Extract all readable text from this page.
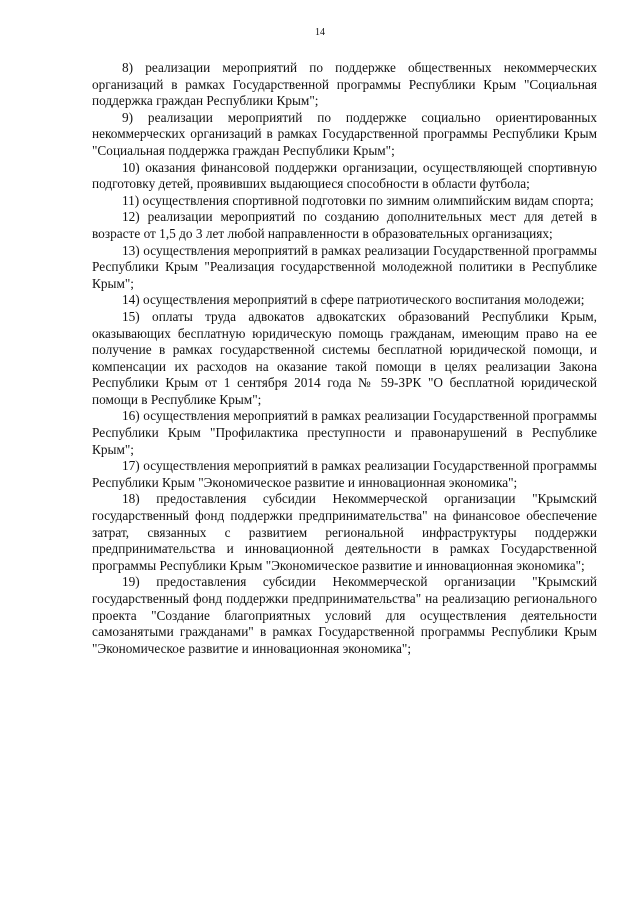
14

8) реализации мероприятий по поддержке общественных некоммерческих организаций в рамках Государственной программы Республики Крым "Социальная поддержка граждан Республики Крым";

9) реализации мероприятий по поддержке социально ориентированных некоммерческих организаций в рамках Государственной программы Республики Крым "Социальная поддержка граждан Республики Крым";

10) оказания финансовой поддержки организации, осуществляющей спортивную подготовку детей, проявивших выдающиеся способности в области футбола;

11) осуществления спортивной подготовки по зимним олимпийским видам спорта;

12) реализации мероприятий по созданию дополнительных мест для детей в возрасте от 1,5 до 3 лет любой направленности в образовательных организациях;

13) осуществления мероприятий в рамках реализации Государственной программы Республики Крым "Реализация государственной молодежной политики в Республике Крым";

14) осуществления мероприятий в сфере патриотического воспитания молодежи;

15) оплаты труда адвокатов адвокатских образований Республики Крым, оказывающих бесплатную юридическую помощь гражданам, имеющим право на ее получение в рамках государственной системы бесплатной юридической помощи, и компенсации их расходов на оказание такой помощи в целях реализации Закона Республики Крым от 1 сентября 2014 года № 59-ЗРК "О бесплатной юридической помощи в Республике Крым";

16) осуществления мероприятий в рамках реализации Государственной программы Республики Крым "Профилактика преступности и правонарушений в Республике Крым";

17) осуществления мероприятий в рамках реализации Государственной программы Республики Крым "Экономическое развитие и инновационная экономика";

18) предоставления субсидии Некоммерческой организации "Крымский государственный фонд поддержки предпринимательства" на финансовое обеспечение затрат, связанных с развитием региональной инфраструктуры поддержки предпринимательства и инновационной деятельности в рамках Государственной программы Республики Крым "Экономическое развитие и инновационная экономика";

19) предоставления субсидии Некоммерческой организации "Крымский государственный фонд поддержки предпринимательства" на реализацию регионального проекта "Создание благоприятных условий для осуществления деятельности самозанятыми гражданами" в рамках Государственной программы Республики Крым "Экономическое развитие и инновационная экономика";
